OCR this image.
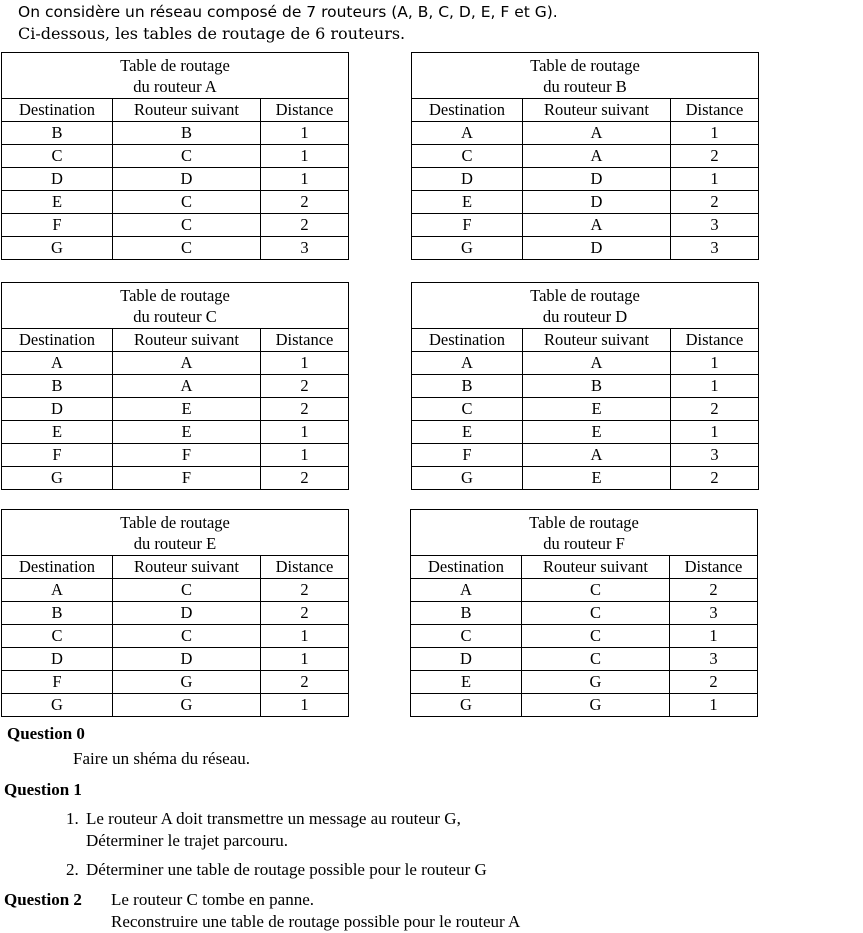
On considère un réseau composé de 7 routeurs (A, B, C, D, E, F et G).
Ci-dessous, les tables de routage de 6 routeurs.
Table de routage
du routeur A		
Destination	Routeur suivant	Distance
B	B	1
C	C	1
D	D	1
E	C	2
F	C	2
G	C	3
Table de routage
du routeur B		
Destination	Routeur suivant	Distance
A	A	1
C	A	2
D	D	1
E	D	2
F	A	3
G	D	3
Table de routage
du routeur C		
Destination	Routeur suivant	Distance
A	A	1
B	A	2
D	E	2
E	E	1
F	F	1
G	F	2
Table de routage
du routeur D		
Destination	Routeur suivant	Distance
A	A	1
B	B	1
C	E	2
E	E	1
F	A	3
G	E	2
Table de routage
du routeur E		
Destination	Routeur suivant	Distance
A	C	2
B	D	2
C	C	1
D	D	1
F	G	2
G	G	1
Table de routage
du routeur F		
Destination	Routeur suivant	Distance
A	C	2
B	C	3
C	C	1
D	C	3
E	G	2
G	G	1
Question 0
Faire un shéma du réseau.
Question 1
1. Le routeur A doit transmettre un message au routeur G,
Déterminer le trajet parcouru.
2. Déterminer une table de routage possible pour le routeur G
Question 2 Le routeur C tombe en panne.
Reconstruire une table de routage possible pour le routeur A
